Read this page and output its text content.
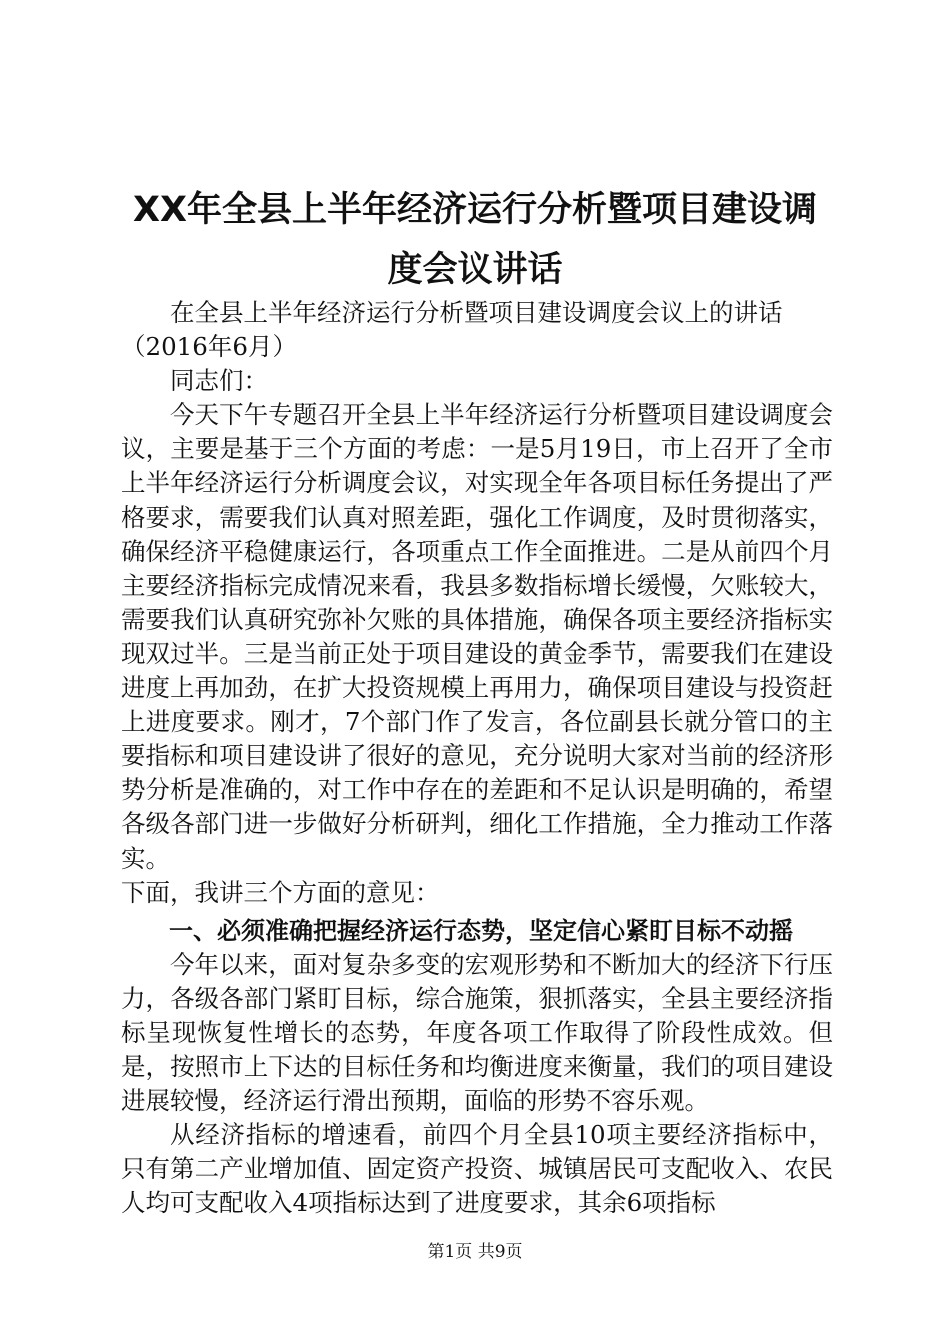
XX年全县上半年经济运行分析暨项目建设调
度会议讲话

在全县上半年经济运行分析暨项目建设调度会议上的讲话

（2016年6月）

同志们：

今天下午专题召开全县上半年经济运行分析暨项目建设调度会议，主要是基于三个方面的考虑：一是5月19日，市上召开了全市上半年经济运行分析调度会议，对实现全年各项目标任务提出了严格要求，需要我们认真对照差距，强化工作调度，及时贯彻落实，确保经济平稳健康运行，各项重点工作全面推进。二是从前四个月主要经济指标完成情况来看，我县多数指标增长缓慢，欠账较大，需要我们认真研究弥补欠账的具体措施，确保各项主要经济指标实现双过半。三是当前正处于项目建设的黄金季节，需要我们在建设进度上再加劲，在扩大投资规模上再用力，确保项目建设与投资赶上进度要求。刚才，7个部门作了发言，各位副县长就分管口的主要指标和项目建设讲了很好的意见，充分说明大家对当前的经济形势分析是准确的，对工作中存在的差距和不足认识是明确的，希望各级各部门进一步做好分析研判，细化工作措施，全力推动工作落实。

下面，我讲三个方面的意见：

一、必须准确把握经济运行态势，坚定信心紧盯目标不动摇

今年以来，面对复杂多变的宏观形势和不断加大的经济下行压力，各级各部门紧盯目标，综合施策，狠抓落实，全县主要经济指标呈现恢复性增长的态势，年度各项工作取得了阶段性成效。但是，按照市上下达的目标任务和均衡进度来衡量，我们的项目建设进展较慢，经济运行滑出预期，面临的形势不容乐观。

从经济指标的增速看，前四个月全县10项主要经济指标中，只有第二产业增加值、固定资产投资、城镇居民可支配收入、农民人均可支配收入4项指标达到了进度要求，其余6项指标

第1页 共9页
